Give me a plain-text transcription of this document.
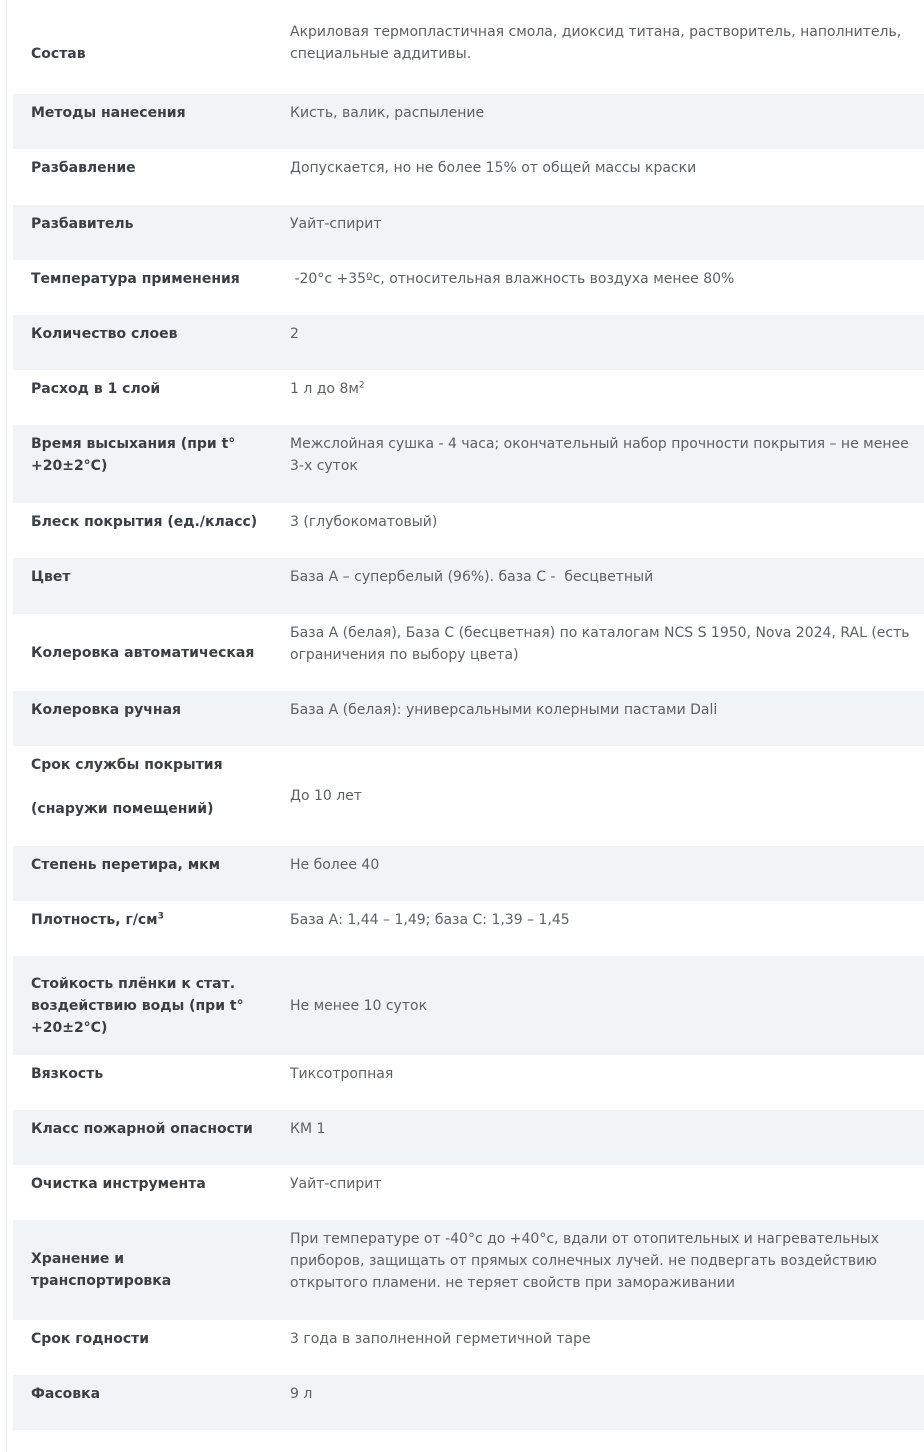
Состав	Акриловая термопластичная смола, диоксид титана, растворитель, наполнитель, специальные аддитивы.
Методы нанесения	Кисть, валик, распыление
Разбавление	Допускается, но не более 15% от общей массы краски
Разбавитель	Уайт-спирит
Температура применения	-20°с +35ºс, относительная влажность воздуха менее 80%
Количество слоев	2
Расход в 1 слой	1 л до $8м^2$
Время высыхания (при t° +20±2°C)	Межслойная сушка - 4 часа; окончательный набор прочности покрытия – не менее 3-х суток
Блеск покрытия (ед./класс)	3 (глубокоматовый)
Цвет	База А – супербелый (96%). база С -  бесцветный
Колеровка автоматическая	База А (белая), База С (бесцветная) по каталогам NCS S 1950, Nova 2024, RAL (есть ограничения по выбору цвета)
Колеровка ручная	База А (белая): универсальными колерными пастами Dali
Срок службы покрытия
(снаружи помещений)	До 10 лет
Степень перетира, мкм	Не более 40
Плотность, $г/см^3$	База А: 1,44 – 1,49; база С: 1,39 – 1,45
Стойкость плёнки к стат. воздействию воды (при t° +20±2°C)	Не менее 10 суток
Вязкость	Тиксотропная
Класс пожарной опасности	КМ 1
Очистка инструмента	Уайт-спирит
Хранение и транспортировка	При температуре от -40°с до +40°с, вдали от отопительных и нагревательных приборов, защищать от прямых солнечных лучей. не подвергать воздействию открытого пламени. не теряет свойств при замораживании
Срок годности	3 года в заполненной герметичной таре
Фасовка	9 л
